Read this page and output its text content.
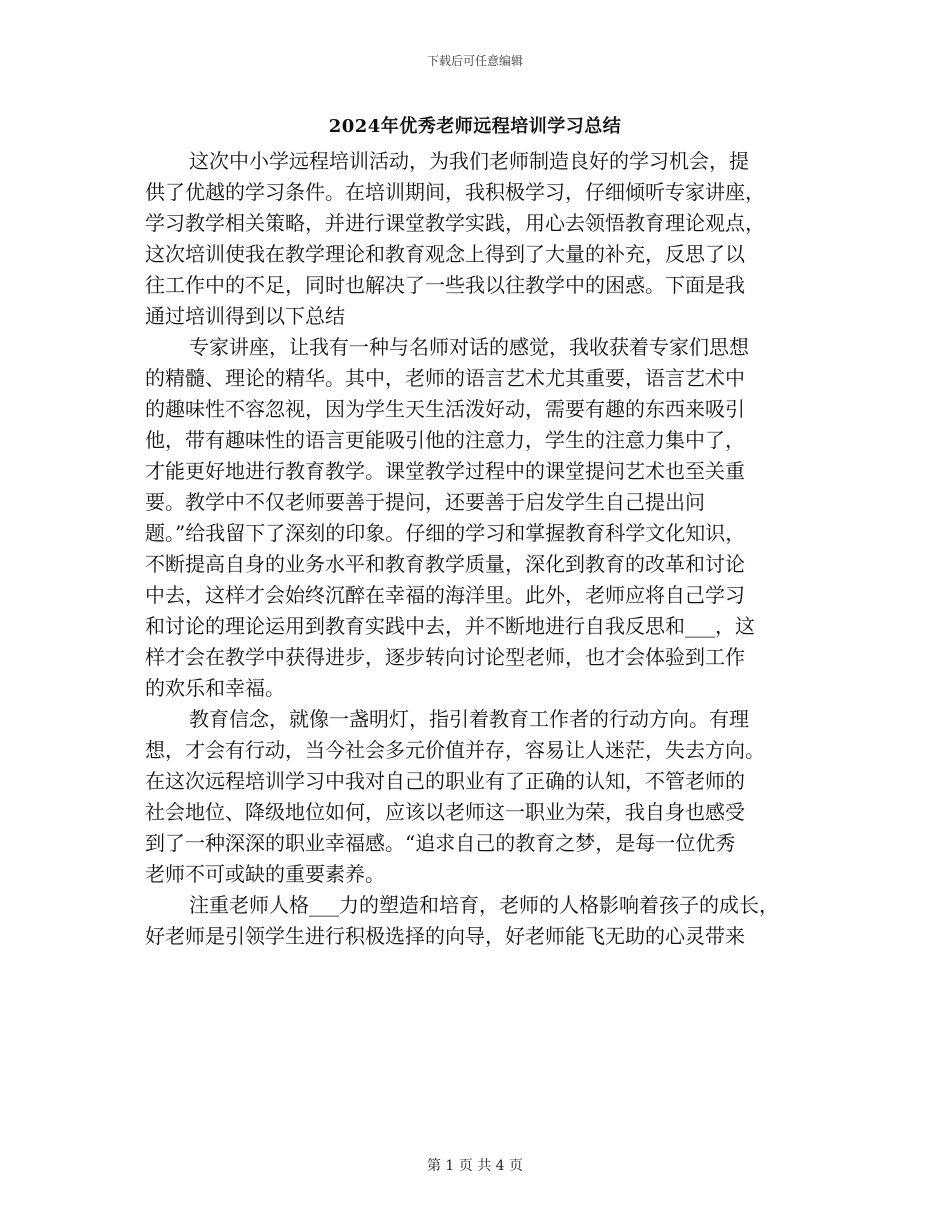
下载后可任意编辑
2024年优秀老师远程培训学习总结

这次中小学远程培训活动，为我们老师制造良好的学习机会，提
供了优越的学习条件。在培训期间，我积极学习，仔细倾听专家讲座，
学习教学相关策略，并进行课堂教学实践，用心去领悟教育理论观点，
这次培训使我在教学理论和教育观念上得到了大量的补充，反思了以
往工作中的不足，同时也解决了一些我以往教学中的困惑。下面是我
通过培训得到以下总结

专家讲座，让我有一种与名师对话的感觉，我收获着专家们思想
的精髓、理论的精华。其中，老师的语言艺术尤其重要，语言艺术中
的趣味性不容忽视，因为学生天生活泼好动，需要有趣的东西来吸引
他，带有趣味性的语言更能吸引他的注意力，学生的注意力集中了，
才能更好地进行教育教学。课堂教学过程中的课堂提问艺术也至关重
要。教学中不仅老师要善于提问，还要善于启发学生自己提出问
题。”给我留下了深刻的印象。仔细的学习和掌握教育科学文化知识，
不断提高自身的业务水平和教育教学质量，深化到教育的改革和讨论
中去，这样才会始终沉醉在幸福的海洋里。此外，老师应将自己学习
和讨论的理论运用到教育实践中去，并不断地进行自我反思和___，这
样才会在教学中获得进步，逐步转向讨论型老师，也才会体验到工作
的欢乐和幸福。

教育信念，就像一盏明灯，指引着教育工作者的行动方向。有理
想，才会有行动，当今社会多元价值并存，容易让人迷茫，失去方向。
在这次远程培训学习中我对自己的职业有了正确的认知，不管老师的
社会地位、降级地位如何，应该以老师这一职业为荣，我自身也感受
到了一种深深的职业幸福感。“追求自己的教育之梦，是每一位优秀
老师不可或缺的重要素养。

注重老师人格___力的塑造和培育，老师的人格影响着孩子的成长，
好老师是引领学生进行积极选择的向导，好老师能飞无助的心灵带来

第 1 页 共 4 页
